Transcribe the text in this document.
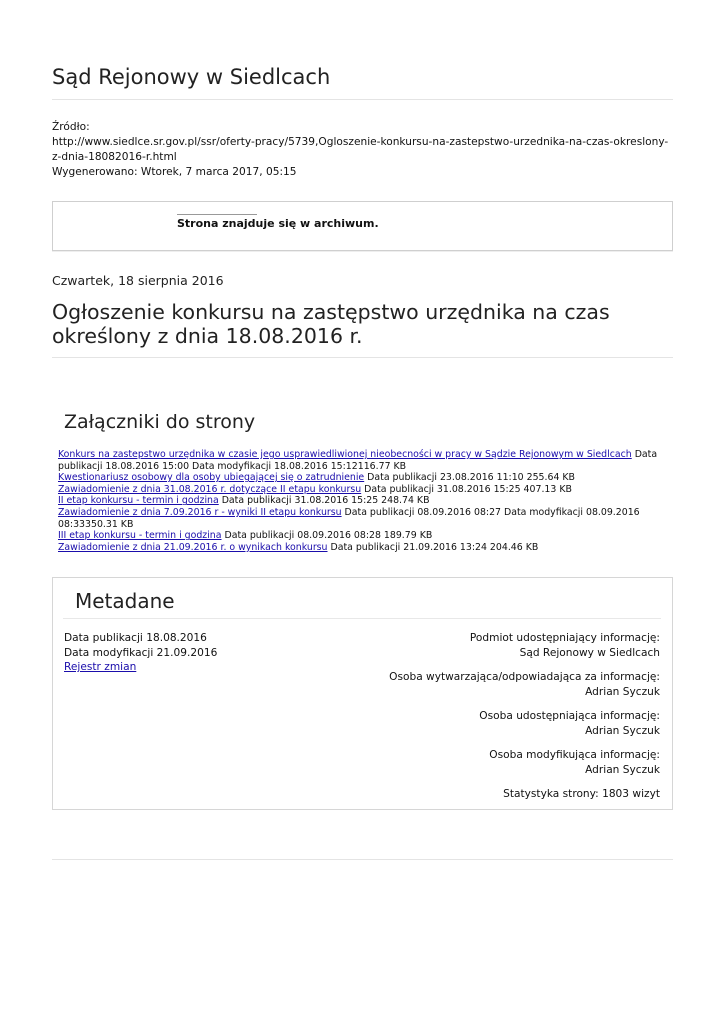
Sąd Rejonowy w Siedlcach
Źródło:
http://www.siedlce.sr.gov.pl/ssr/oferty-pracy/5739,Ogloszenie-konkursu-na-zastepstwo-urzednika-na-czas-okreslony-z-dnia-18082016-r.html
Wygenerowano: Wtorek, 7 marca 2017, 05:15
Strona znajduje się w archiwum.
Czwartek, 18 sierpnia 2016
Ogłoszenie konkursu na zastępstwo urzędnika na czas określony z dnia 18.08.2016 r.
Załączniki do strony
Konkurs na zastepstwo urzędnika w czasie jego usprawiedliwionej nieobecności w pracy w Sądzie Rejonowym w Siedlcach Data publikacji 18.08.2016 15:00 Data modyfikacji 18.08.2016 15:12116.77 KB
Kwestionariusz osobowy dla osoby ubiegającej się o zatrudnienie Data publikacji 23.08.2016 11:10 255.64 KB
Zawiadomienie z dnia 31.08.2016 r. dotyczące II etapu konkursu Data publikacji 31.08.2016 15:25 407.13 KB
II etap konkursu - termin i godzina Data publikacji 31.08.2016 15:25 248.74 KB
Zawiadomienie z dnia 7.09.2016 r - wyniki II etapu konkursu Data publikacji 08.09.2016 08:27 Data modyfikacji 08.09.2016 08:33350.31 KB
III etap konkursu - termin i godzina Data publikacji 08.09.2016 08:28 189.79 KB
Zawiadomienie z dnia 21.09.2016 r. o wynikach konkursu Data publikacji 21.09.2016 13:24 204.46 KB
Metadane
Data publikacji 18.08.2016
Data modyfikacji 21.09.2016
Rejestr zmian
Podmiot udostępniający informację:
Sąd Rejonowy w Siedlcach
Osoba wytwarzająca/odpowiadająca za informację:
Adrian Syczuk
Osoba udostępniająca informację:
Adrian Syczuk
Osoba modyfikująca informację:
Adrian Syczuk
Statystyka strony: 1803 wizyt
